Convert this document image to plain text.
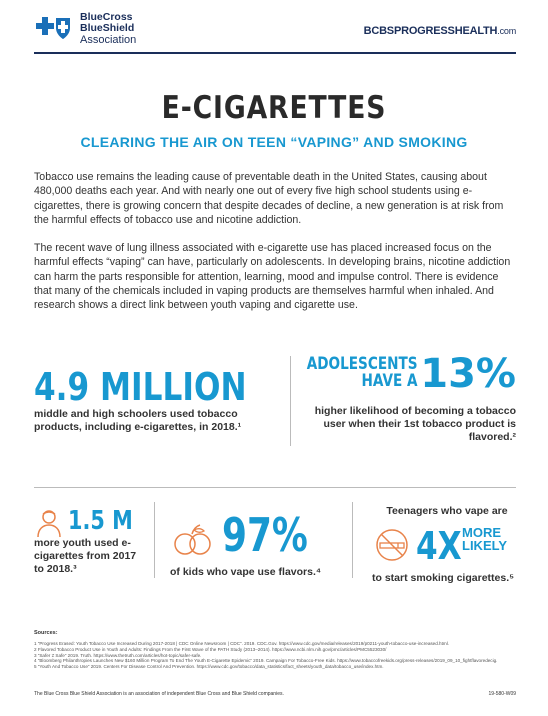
BlueCross
BlueShield
Association
BCBSPROGRESSHEALTH.com
E-CIGARETTES
CLEARING THE AIR ON TEEN “VAPING” AND SMOKING
Tobacco use remains the leading cause of preventable death in the United States, causing about 480,000 deaths each year. And with nearly one out of every five high school students using e-cigarettes, there is growing concern that despite decades of decline, a new generation is at risk from the harmful effects of tobacco use and nicotine addiction.
The recent wave of lung illness associated with e-cigarette use has placed increased focus on the harmful effects “vaping” can have, particularly on adolescents. In developing brains, nicotine addiction can harm the parts responsible for attention, learning, mood and impulse control. There is evidence that many of the chemicals included in vaping products are themselves harmful when inhaled. And research shows a direct link between youth vaping and cigarette use.
4.9 MILLION
middle and high schoolers used tobacco products, including e-cigarettes, in 2018.¹
ADOLESCENTS
HAVE A 13%
higher likelihood of becoming a tobacco user when their 1st tobacco product is flavored.²
1.5 M
more youth used e-cigarettes from 2017 to 2018.³
97%
of kids who vape use flavors.⁴
Teenagers who vape are
4X MORE
LIKELY
to start smoking cigarettes.⁵
Sources:
1 “Progress Erased: Youth Tobacco Use Increased During 2017-2018 | CDC Online Newsroom | CDC”. 2019. CDC.Gov. https://www.cdc.gov/media/releases/2019/p0211-youth-tobacco-use-increased.html.
2 Flavored Tobacco Product Use in Youth and Adults: Findings From the First Wave of the PATH Study (2013–2014). https://www.ncbi.nlm.nih.gov/pmc/articles/PMC5523030/
3 “Safer ≠ Safe” 2019. Truth. https://www.thetruth.com/articles/hot-topic/safer-safe.
4 “Bloomberg Philanthropies Launches New $160 Million Program To End The Youth E-Cigarette Epidemic” 2019. Campaign For Tobacco-Free Kids. https://www.tobaccofreekids.org/press-releases/2019_09_10_fightflavoredecig.
5 “Youth And Tobacco Use” 2019. Centers For Disease Control And Prevention. https://www.cdc.gov/tobacco/data_statistics/fact_sheets/youth_data/tobacco_use/index.htm.
The Blue Cross Blue Shield Association is an association of independent Blue Cross and Blue Shield companies.	19-580-W09
